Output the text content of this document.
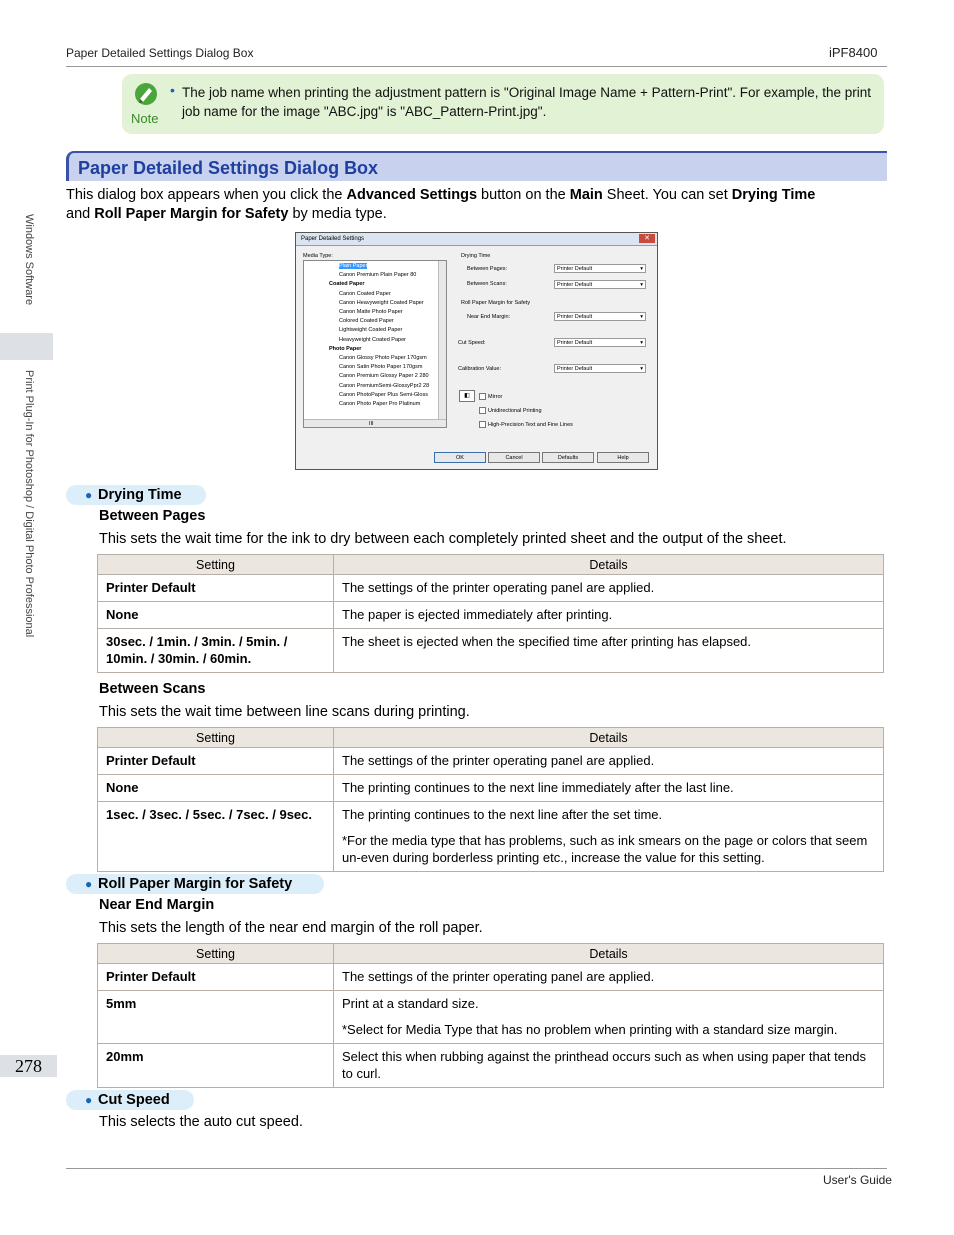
Paper Detailed Settings Dialog Box	iPF8400
Windows Software
Print Plug-In for Photoshop / Digital Photo Professional
Note
• The job name when printing the adjustment pattern is "Original Image Name + Pattern-Print". For example, the print job name for the image "ABC.jpg" is "ABC_Pattern-Print.jpg".
Paper Detailed Settings Dialog Box
This dialog box appears when you click the Advanced Settings button on the Main Sheet. You can set Drying Time
and Roll Paper Margin for Safety by media type.
Paper Detailed Settings	✕
Media Type:
III
Plain Paper
Canon Premium Plain Paper 80
Coated Paper
Canon Coated Paper
Canon Heavyweight Coated Paper
Canon Matte Photo Paper
Colored Coated Paper
Lightweight Coated Paper
Heavyweight Coated Paper
Photo Paper
Canon Glossy Photo Paper 170gsm
Canon Satin Photo Paper 170gsm
Canon Premium Glossy Paper 2 280
Canon PremiumSemi-GlossyPpr2 28
Canon PhotoPaper Plus Semi-Gloss
Canon Photo Paper Pro Platinum
Drying Time
Between Pages:	Printer Default ▾
Between Scans:	Printer Default ▾
Roll Paper Margin for Safety
Near End Margin:	Printer Default ▾
Cut Speed:	Printer Default ▾
Calibration Value:	Printer Default ▾
◧	Mirror
Unidirectional Printing
High-Precision Text and Fine Lines
OK	Cancel	Defaults	Help
● Drying Time
Between Pages
This sets the wait time for the ink to dry between each completely printed sheet and the output of the sheet.
Setting	Details
Printer Default	The settings of the printer operating panel are applied.

None	The paper is ejected immediately after printing.

30sec. / 1min. / 3min. / 5min. / 10min. / 30min. / 60min.	The sheet is ejected when the specified time after printing has elapsed.

Between Scans
This sets the wait time between line scans during printing.
Setting	Details
Printer Default	The settings of the printer operating panel are applied.

None	The printing continues to the next line immediately after the last line.

1sec. / 3sec. / 5sec. / 7sec. / 9sec.	The printing continues to the next line after the set time.

*For the media type that has problems, such as ink smears on the page or colors that seem un-even during borderless printing etc., increase the value for this setting.

● Roll Paper Margin for Safety
Near End Margin
This sets the length of the near end margin of the roll paper.
Setting	Details
Printer Default	The settings of the printer operating panel are applied.

5mm	Print at a standard size.

*Select for Media Type that has no problem when printing with a standard size margin.

20mm	Select this when rubbing against the printhead occurs such as when using paper that tends to curl.

● Cut Speed
This selects the auto cut speed.
278
User's Guide
